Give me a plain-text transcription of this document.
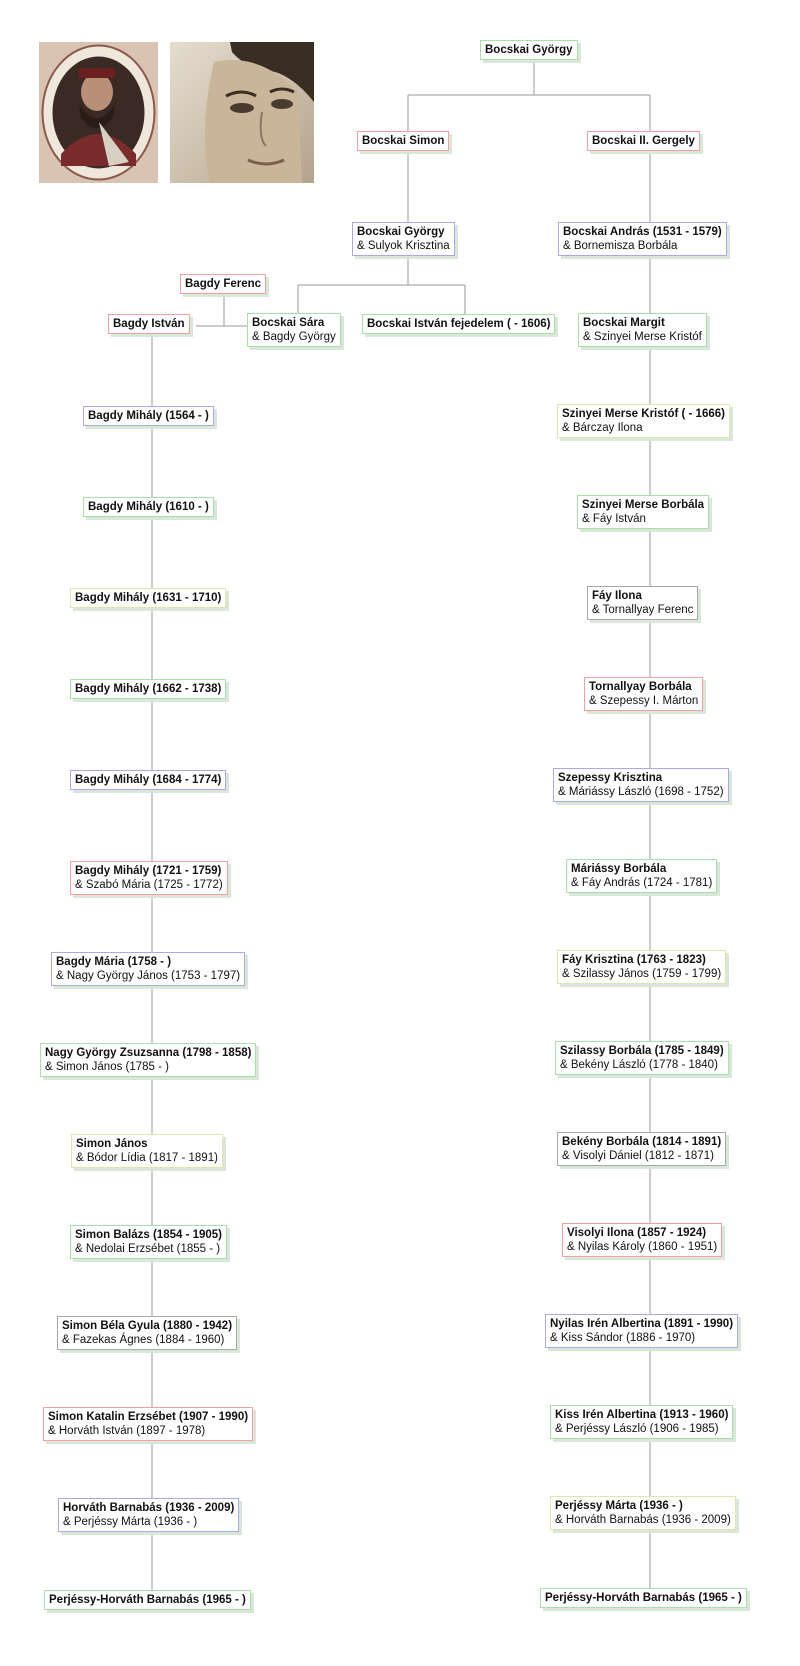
Bocskai György
Bocskai Simon	Bocskai II. Gergely
Bocskai György
& Sulyok Krisztina
Bocskai András (1531 - 1579)
& Bornemisza Borbála
Bagdy Ferenc
Bagdy István	Bocskai Sára
& Bagdy György
Bocskai István fejedelem ( - 1606)	Bocskai Margit
& Szinyei Merse Kristóf
Bagdy Mihály (1564 - )
Bagdy Mihály (1610 - )
Bagdy Mihály (1631 - 1710)
Bagdy Mihály (1662 - 1738)
Bagdy Mihály (1684 - 1774)
Bagdy Mihály (1721 - 1759)
& Szabó Mária (1725 - 1772)
Bagdy Mária (1758 - )
& Nagy György János (1753 - 1797)
Nagy György Zsuzsanna (1798 - 1858)
& Simon János (1785 - )
Simon János
& Bódor Lídia (1817 - 1891)
Simon Balázs (1854 - 1905)
& Nedolai Erzsébet (1855 - )
Simon Béla Gyula (1880 - 1942)
& Fazekas Ágnes (1884 - 1960)
Simon Katalin Erzsébet (1907 - 1990)
& Horváth István (1897 - 1978)
Horváth Barnabás (1936 - 2009)
& Perjéssy Márta (1936 - )
Perjéssy-Horváth Barnabás (1965 - )
Szinyei Merse Kristóf ( - 1666)
& Bárczay Ilona
Szinyei Merse Borbála
& Fáy István
Fáy Ilona
& Tornallyay Ferenc
Tornallyay Borbála
& Szepessy I. Márton
Szepessy Krisztina
& Máriássy László (1698 - 1752)
Máriássy Borbála
& Fáy András (1724 - 1781)
Fáy Krisztina (1763 - 1823)
& Szilassy János (1759 - 1799)
Szilassy Borbála (1785 - 1849)
& Bekény László (1778 - 1840)
Bekény Borbála (1814 - 1891)
& Visolyi Dániel (1812 - 1871)
Visolyi Ilona (1857 - 1924)
& Nyilas Károly (1860 - 1951)
Nyilas Irén Albertina (1891 - 1990)
& Kiss Sándor (1886 - 1970)
Kiss Irén Albertina (1913 - 1960)
& Perjéssy László (1906 - 1985)
Perjéssy Márta (1936 - )
& Horváth Barnabás (1936 - 2009)
Perjéssy-Horváth Barnabás (1965 - )
